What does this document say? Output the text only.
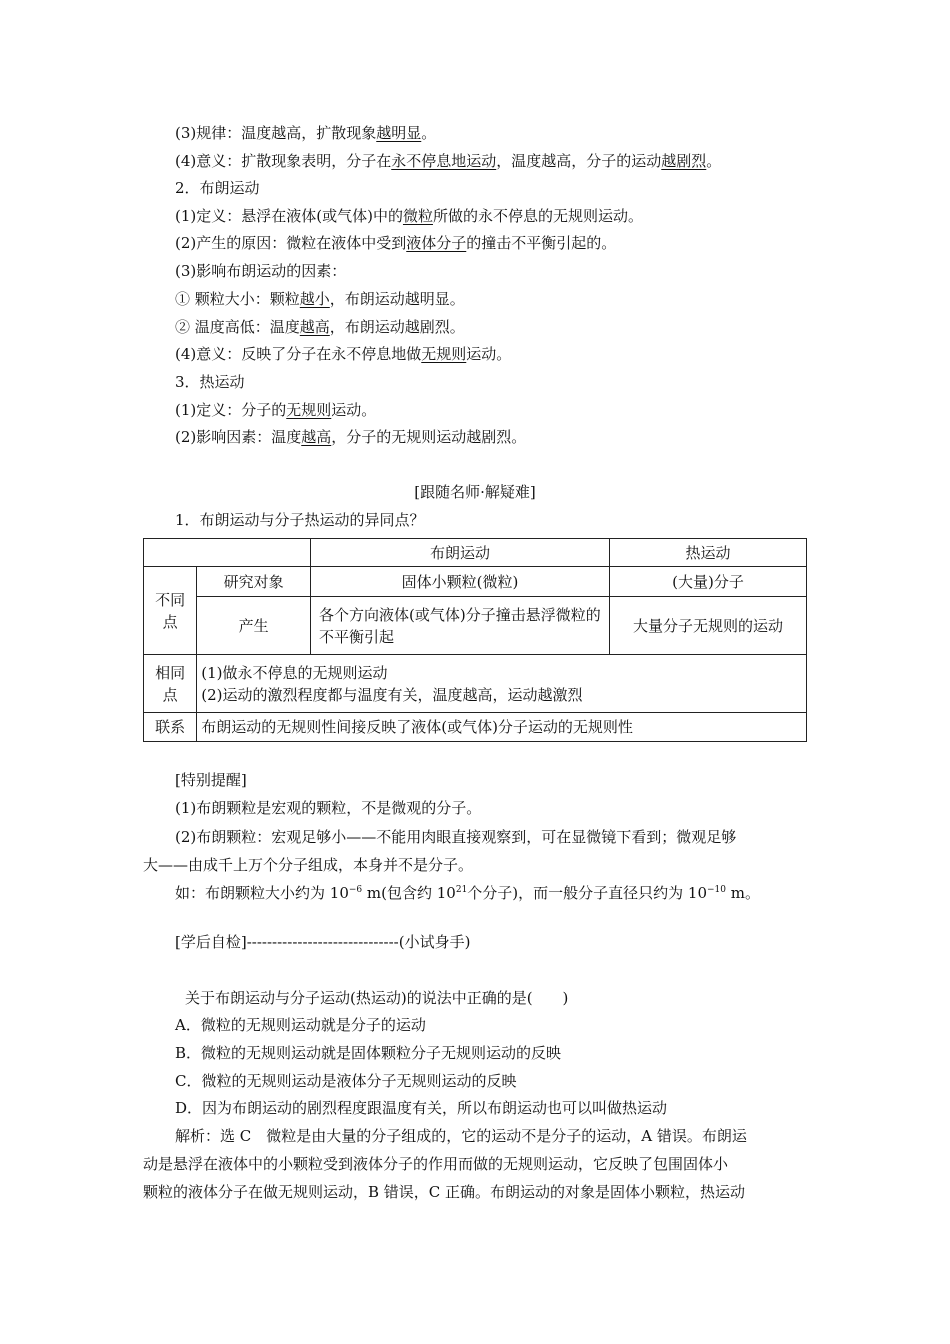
(3)规律：温度越高，扩散现象越明显。
(4)意义：扩散现象表明，分子在永不停息地运动，温度越高，分子的运动越剧烈。
2．布朗运动
(1)定义：悬浮在液体(或气体)中的微粒所做的永不停息的无规则运动。
(2)产生的原因：微粒在液体中受到液体分子的撞击不平衡引起的。
(3)影响布朗运动的因素：
① 颗粒大小：颗粒越小，布朗运动越明显。
② 温度高低：温度越高，布朗运动越剧烈。
(4)意义：反映了分子在永不停息地做无规则运动。
3．热运动
(1)定义：分子的无规则运动。
(2)影响因素：温度越高，分子的无规则运动越剧烈。
[跟随名师·解疑难]
1．布朗运动与分子热运动的异同点？
		布朗运动	热运动
不同点	研究对象	固体小颗粒(微粒)	(大量)分子
	产生	各个方向液体(或气体)分子撞击悬浮微粒的不平衡引起	大量分子无规则的运动
相同点	(1)做永不停息的无规则运动
(2)运动的激烈程度都与温度有关，温度越高，运动越激烈		

联系	布朗运动的无规则性间接反映了液体(或气体)分子运动的无规则性		
[特别提醒]
(1)布朗颗粒是宏观的颗粒，不是微观的分子。
(2)布朗颗粒：宏观足够小——不能用肉眼直接观察到，可在显微镜下看到；微观足够
大——由成千上万个分子组成，本身并不是分子。
如：布朗颗粒大小约为 $10^{-6}$ m(包含约 $10^{21}$个分子)，而一般分子直径只约为 $10^{-10}$ m。
[学后自检]------------------------------(小试身手)
关于布朗运动与分子运动(热运动)的说法中正确的是(　　)
A．微粒的无规则运动就是分子的运动
B．微粒的无规则运动就是固体颗粒分子无规则运动的反映
C．微粒的无规则运动是液体分子无规则运动的反映
D．因为布朗运动的剧烈程度跟温度有关，所以布朗运动也可以叫做热运动
解析：选 C　微粒是由大量的分子组成的，它的运动不是分子的运动，A 错误。布朗运
动是悬浮在液体中的小颗粒受到液体分子的作用而做的无规则运动，它反映了包围固体小
颗粒的液体分子在做无规则运动，B 错误，C 正确。布朗运动的对象是固体小颗粒，热运动
